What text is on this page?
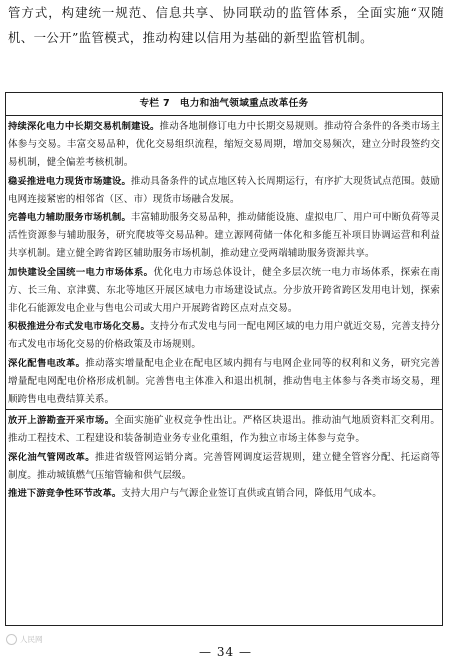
管方式，构建统一规范、信息共享、协同联动的监管体系，全面实施“双随机、一公开”监管模式，推动构建以信用为基础的新型监管机制。
专栏 7　电力和油气领域重点改革任务

持续深化电力中长期交易机制建设。推动各地制修订电力中长期交易规则。推动符合条件的各类市场主体参与交易。丰富交易品种，优化交易组织流程，缩短交易周期，增加交易频次，建立分时段签约交易机制，健全偏差考核机制。

稳妥推进电力现货市场建设。推动具备条件的试点地区转入长周期运行，有序扩大现货试点范围。鼓励电网连接紧密的相邻省（区、市）现货市场融合发展。

完善电力辅助服务市场机制。丰富辅助服务交易品种，推动储能设施、虚拟电厂、用户可中断负荷等灵活性资源参与辅助服务，研究爬坡等交易品种。建立源网荷储一体化和多能互补项目协调运营和利益共享机制。建立健全跨省跨区辅助服务市场机制，推动建立受两端辅助服务资源共享。

加快建设全国统一电力市场体系。优化电力市场总体设计，健全多层次统一电力市场体系，探索在南方、长三角、京津冀、东北等地区开展区域电力市场建设试点。分步放开跨省跨区发用电计划，探索非化石能源发电企业与售电公司或大用户开展跨省跨区点对点交易。

积极推进分布式发电市场化交易。支持分布式发电与同一配电网区域的电力用户就近交易，完善支持分布式发电市场化交易的价格政策及市场规则。

深化配售电改革。推动落实增量配电企业在配电区域内拥有与电网企业同等的权利和义务，研究完善增量配电网配电价格形成机制。完善售电主体准入和退出机制，推动售电主体参与各类市场交易，理顺跨售电电费结算关系。

放开上游勘查开采市场。全面实施矿业权竞争性出让。严格区块退出。推动油气地质资料汇交利用。推动工程技术、工程建设和装备制造业务专业化重组，作为独立市场主体参与竞争。

深化油气管网改革。推进省级管网运销分离。完善管网调度运营规则，建立健全管容分配、托运商等制度。推动城镇燃气压缩管输和供气层级。

推进下游竞争性环节改革。支持大用户与气源企业签订直供或直销合同，降低用气成本。

人民网
— 34 —
